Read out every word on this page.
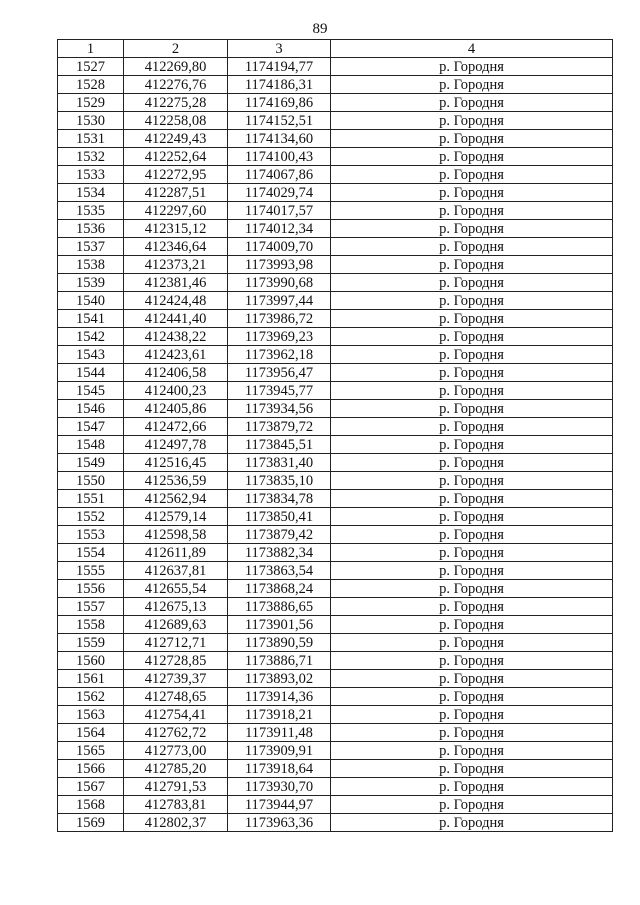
89
1	2	3	4
1527	412269,80	1174194,77	р. Городня
1528	412276,76	1174186,31	р. Городня
1529	412275,28	1174169,86	р. Городня
1530	412258,08	1174152,51	р. Городня
1531	412249,43	1174134,60	р. Городня
1532	412252,64	1174100,43	р. Городня
1533	412272,95	1174067,86	р. Городня
1534	412287,51	1174029,74	р. Городня
1535	412297,60	1174017,57	р. Городня
1536	412315,12	1174012,34	р. Городня
1537	412346,64	1174009,70	р. Городня
1538	412373,21	1173993,98	р. Городня
1539	412381,46	1173990,68	р. Городня
1540	412424,48	1173997,44	р. Городня
1541	412441,40	1173986,72	р. Городня
1542	412438,22	1173969,23	р. Городня
1543	412423,61	1173962,18	р. Городня
1544	412406,58	1173956,47	р. Городня
1545	412400,23	1173945,77	р. Городня
1546	412405,86	1173934,56	р. Городня
1547	412472,66	1173879,72	р. Городня
1548	412497,78	1173845,51	р. Городня
1549	412516,45	1173831,40	р. Городня
1550	412536,59	1173835,10	р. Городня
1551	412562,94	1173834,78	р. Городня
1552	412579,14	1173850,41	р. Городня
1553	412598,58	1173879,42	р. Городня
1554	412611,89	1173882,34	р. Городня
1555	412637,81	1173863,54	р. Городня
1556	412655,54	1173868,24	р. Городня
1557	412675,13	1173886,65	р. Городня
1558	412689,63	1173901,56	р. Городня
1559	412712,71	1173890,59	р. Городня
1560	412728,85	1173886,71	р. Городня
1561	412739,37	1173893,02	р. Городня
1562	412748,65	1173914,36	р. Городня
1563	412754,41	1173918,21	р. Городня
1564	412762,72	1173911,48	р. Городня
1565	412773,00	1173909,91	р. Городня
1566	412785,20	1173918,64	р. Городня
1567	412791,53	1173930,70	р. Городня
1568	412783,81	1173944,97	р. Городня
1569	412802,37	1173963,36	р. Городня
